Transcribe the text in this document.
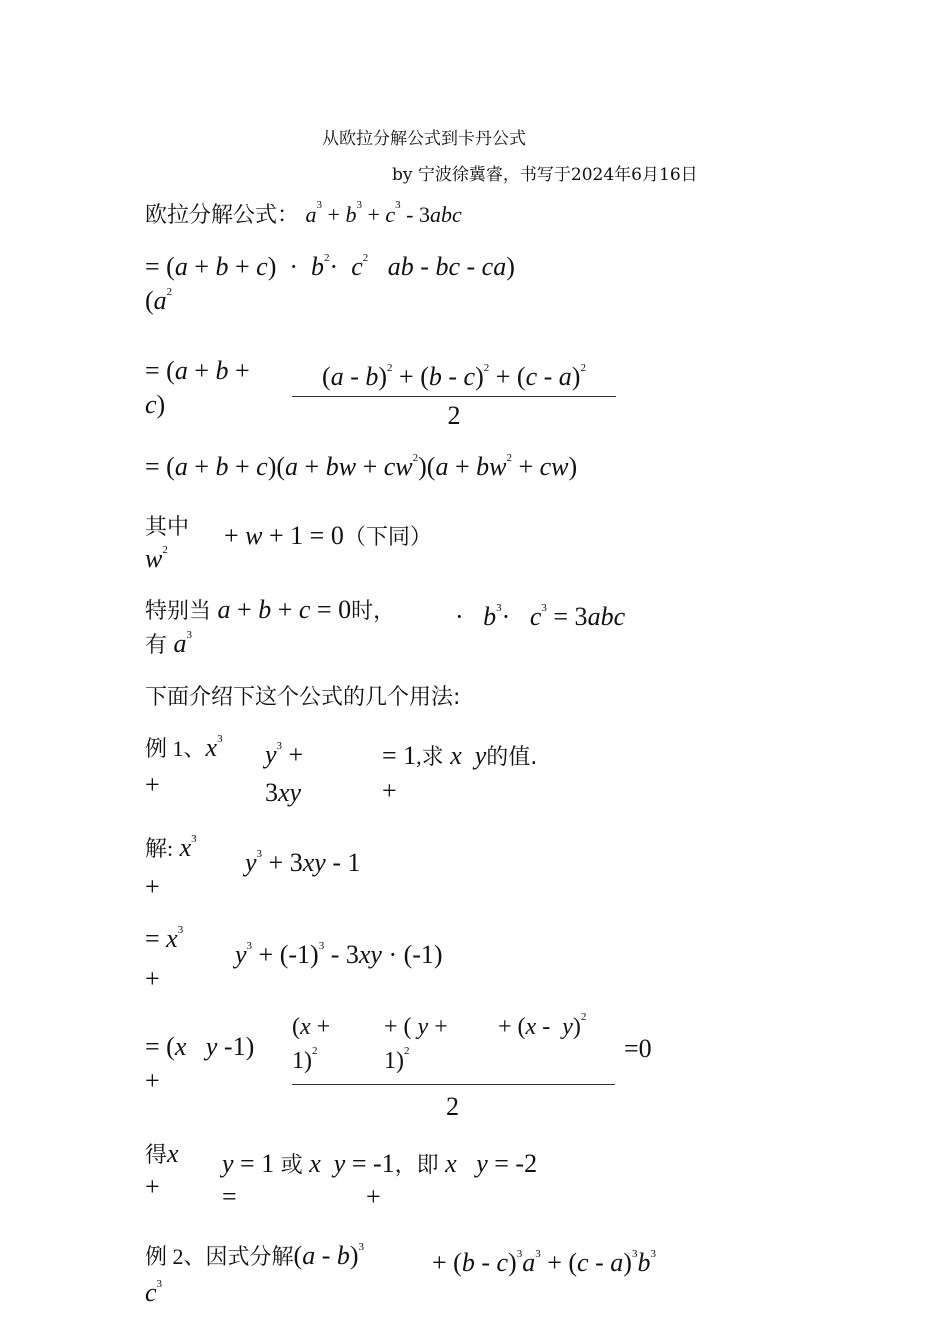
从欧拉分解公式到卡丹公式
by 宁波徐冀睿，书写于2024年6月16日
欧拉分解公式： $a^3 + b^3 + c^3 - 3abc$
= $(a + b + c) \cdot b^2\cdot c^2$ ab - bc - ca)
($a^2$
= (a + b +
c)	$\frac{(a - b)^2 + (b - c)^2 + (c - a)^2}{2}$
= (a + b + c)(a + bw + $cw^2)(a + bw^2 + cw)$
其中
$w^2 + w + 1 = 0$（下同）
特别当 a + b + c = 0时，
有 $a^3$
·   $b^3\cdot c^3 = 3abc$
下面介绍下这个公式的几个用法:
例 1、$x^3$
+
$y^3$ +
3xy
= 1,求 x y的值.
+
解: $x^3$
+
$y^3 + 3xy - 1$
= $x^3$
+
$y^3 + (-1)^3 - 3xy \cdot (-1)$
= (x y -1)
+
(x +
1)$^2$
+ ( y +
1)$^2$
+ (x -  y)$^2$
2
=0
得x
+
y = 1 或 x y = -1，即 x y = -2
=	+
例 2、因式分解(a - b)$^3$
$c^3$
+ $(b - c)^3a^3 + (c - a)^3b^3$
